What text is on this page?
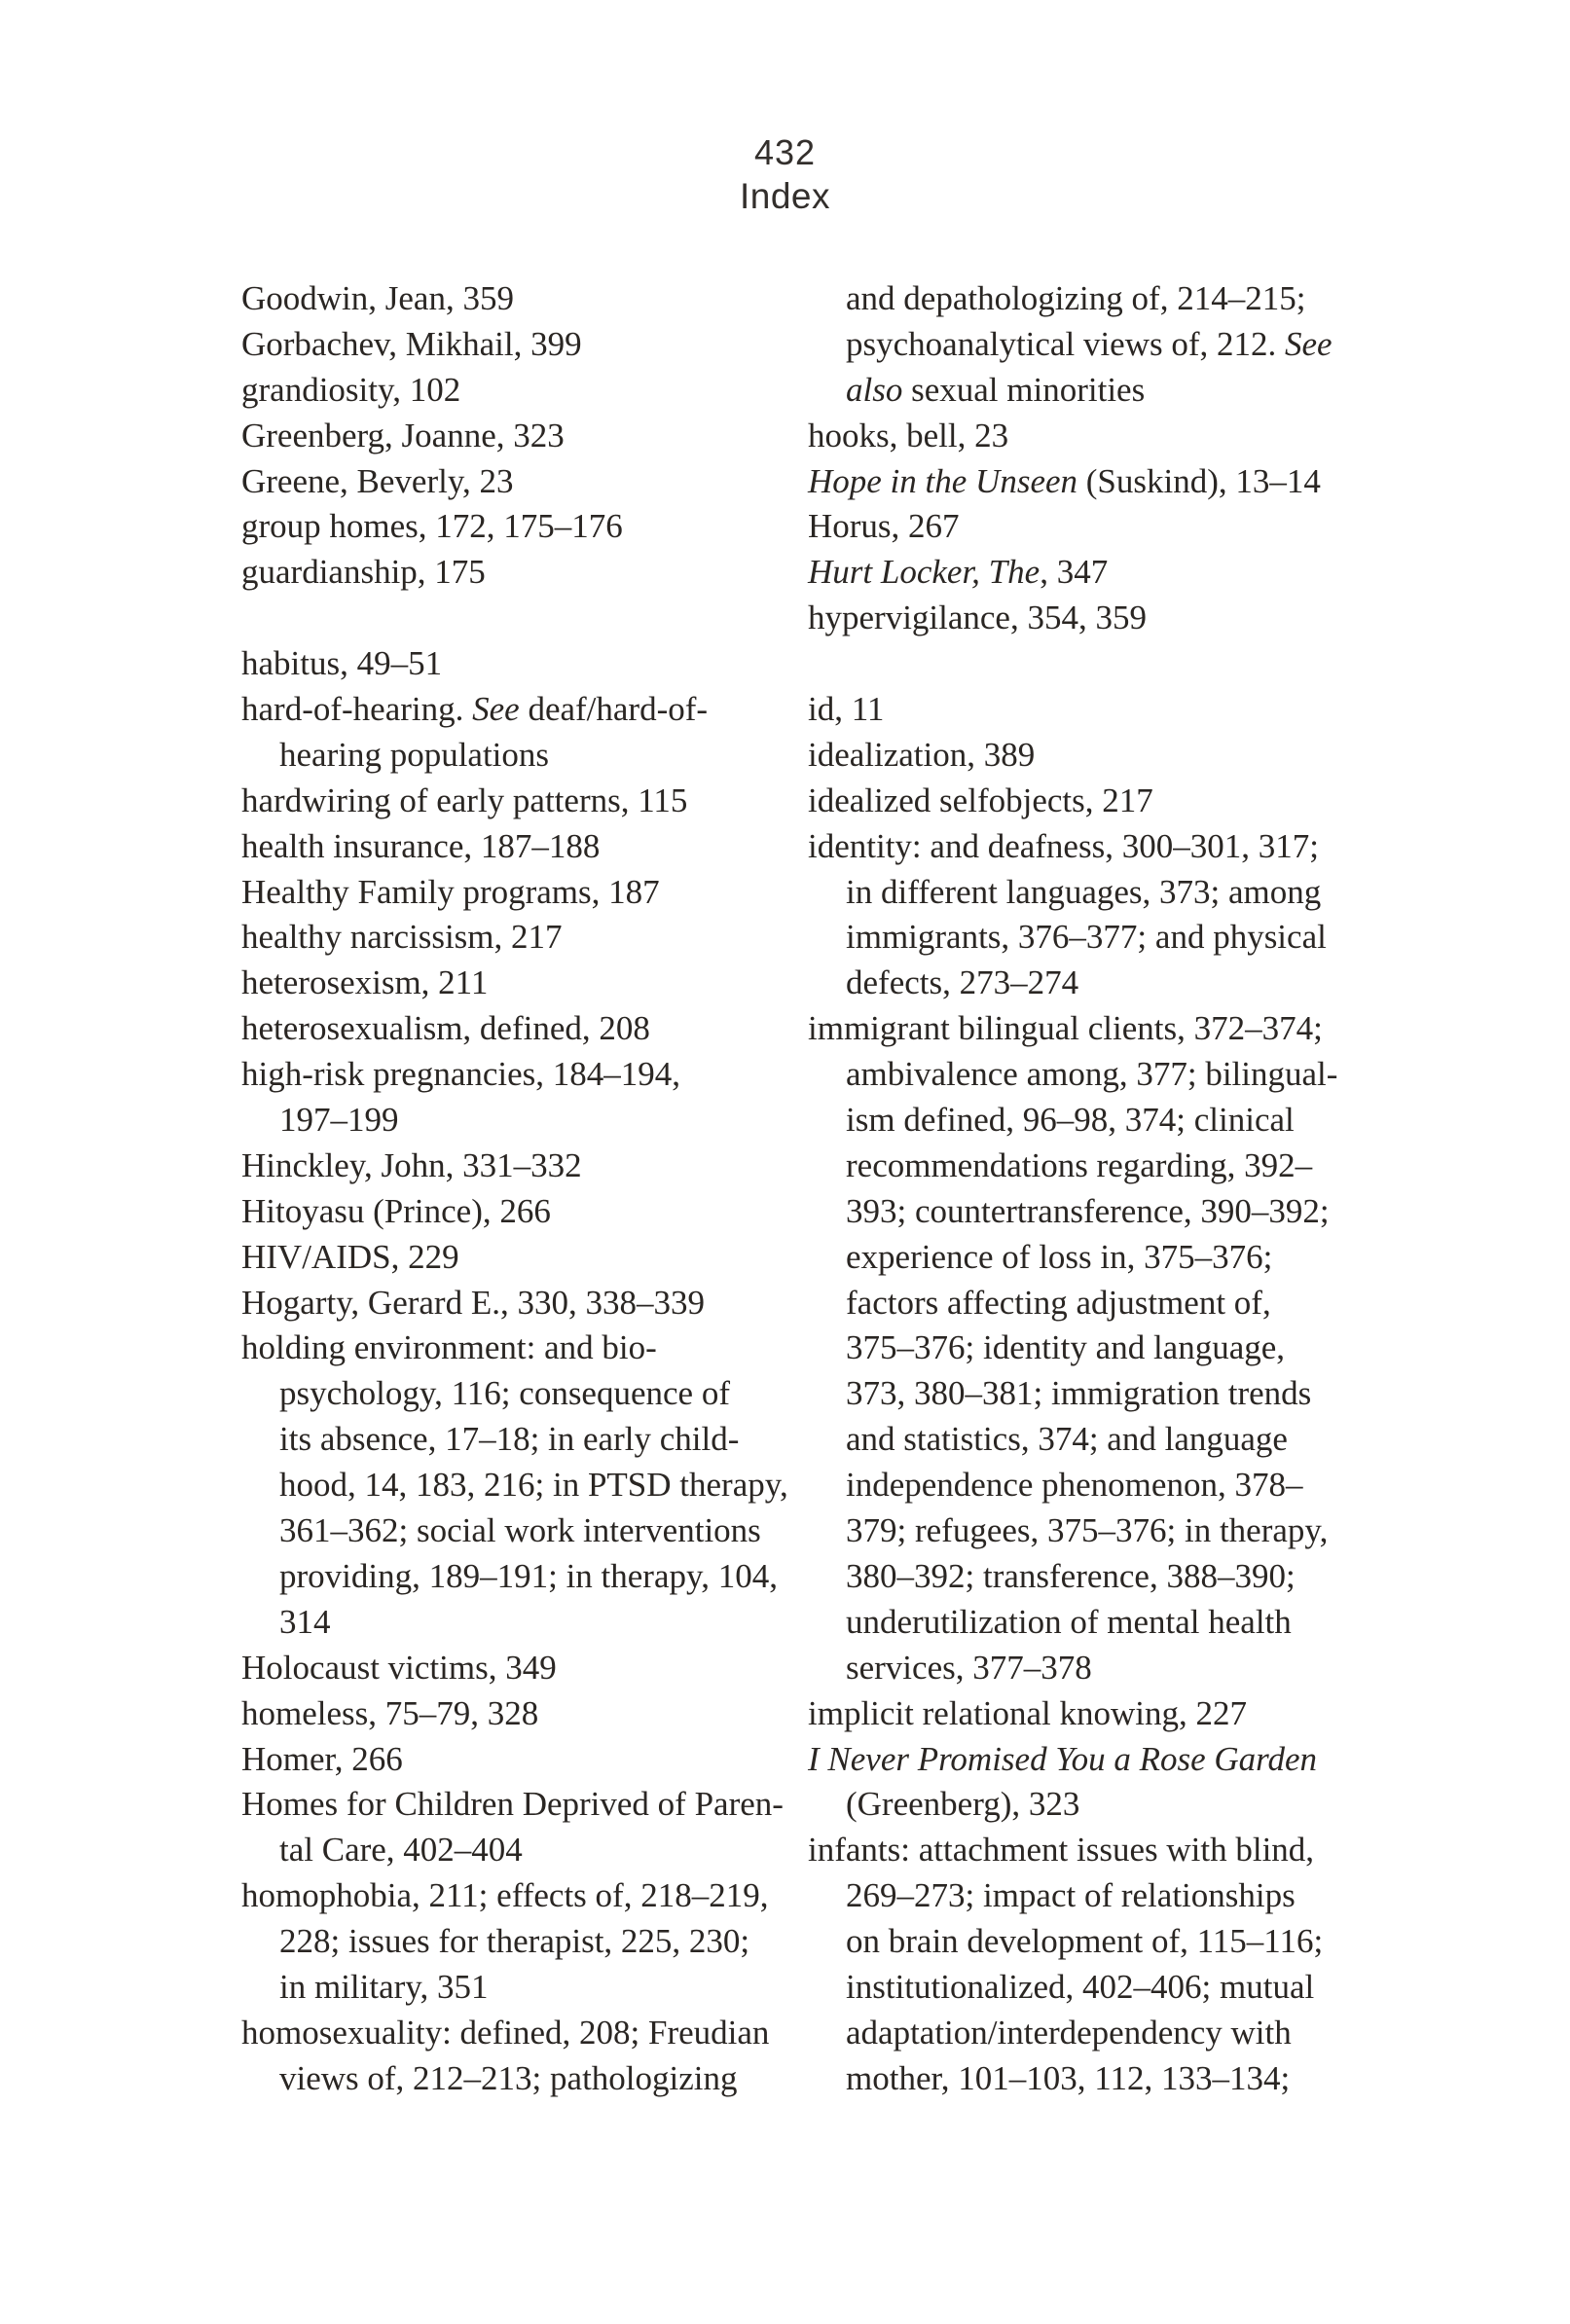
432
Index
Goodwin, Jean, 359
Gorbachev, Mikhail, 399
grandiosity, 102
Greenberg, Joanne, 323
Greene, Beverly, 23
group homes, 172, 175–176
guardianship, 175
habitus, 49–51
hard-of-hearing. See deaf/hard-of-
hearing populations
hardwiring of early patterns, 115
health insurance, 187–188
Healthy Family programs, 187
healthy narcissism, 217
heterosexism, 211
heterosexualism, defined, 208
high-risk pregnancies, 184–194,
197–199
Hinckley, John, 331–332
Hitoyasu (Prince), 266
HIV/AIDS, 229
Hogarty, Gerard E., 330, 338–339
holding environment: and bio-
psychology, 116; consequence of
its absence, 17–18; in early child-
hood, 14, 183, 216; in PTSD therapy,
361–362; social work interventions
providing, 189–191; in therapy, 104,
314
Holocaust victims, 349
homeless, 75–79, 328
Homer, 266
Homes for Children Deprived of Paren-
tal Care, 402–404
homophobia, 211; effects of, 218–219,
228; issues for therapist, 225, 230;
in military, 351
homosexuality: defined, 208; Freudian
views of, 212–213; pathologizing
and depathologizing of, 214–215;
psychoanalytical views of, 212. See
also sexual minorities
hooks, bell, 23
Hope in the Unseen (Suskind), 13–14
Horus, 267
Hurt Locker, The, 347
hypervigilance, 354, 359
id, 11
idealization, 389
idealized selfobjects, 217
identity: and deafness, 300–301, 317;
in different languages, 373; among
immigrants, 376–377; and physical
defects, 273–274
immigrant bilingual clients, 372–374;
ambivalence among, 377; bilingual-
ism defined, 96–98, 374; clinical
recommendations regarding, 392–
393; countertransference, 390–392;
experience of loss in, 375–376;
factors affecting adjustment of,
375–376; identity and language,
373, 380–381; immigration trends
and statistics, 374; and language
independence phenomenon, 378–
379; refugees, 375–376; in therapy,
380–392; transference, 388–390;
underutilization of mental health
services, 377–378
implicit relational knowing, 227
I Never Promised You a Rose Garden
(Greenberg), 323
infants: attachment issues with blind,
269–273; impact of relationships
on brain development of, 115–116;
institutionalized, 402–406; mutual
adaptation/interdependency with
mother, 101–103, 112, 133–134;
